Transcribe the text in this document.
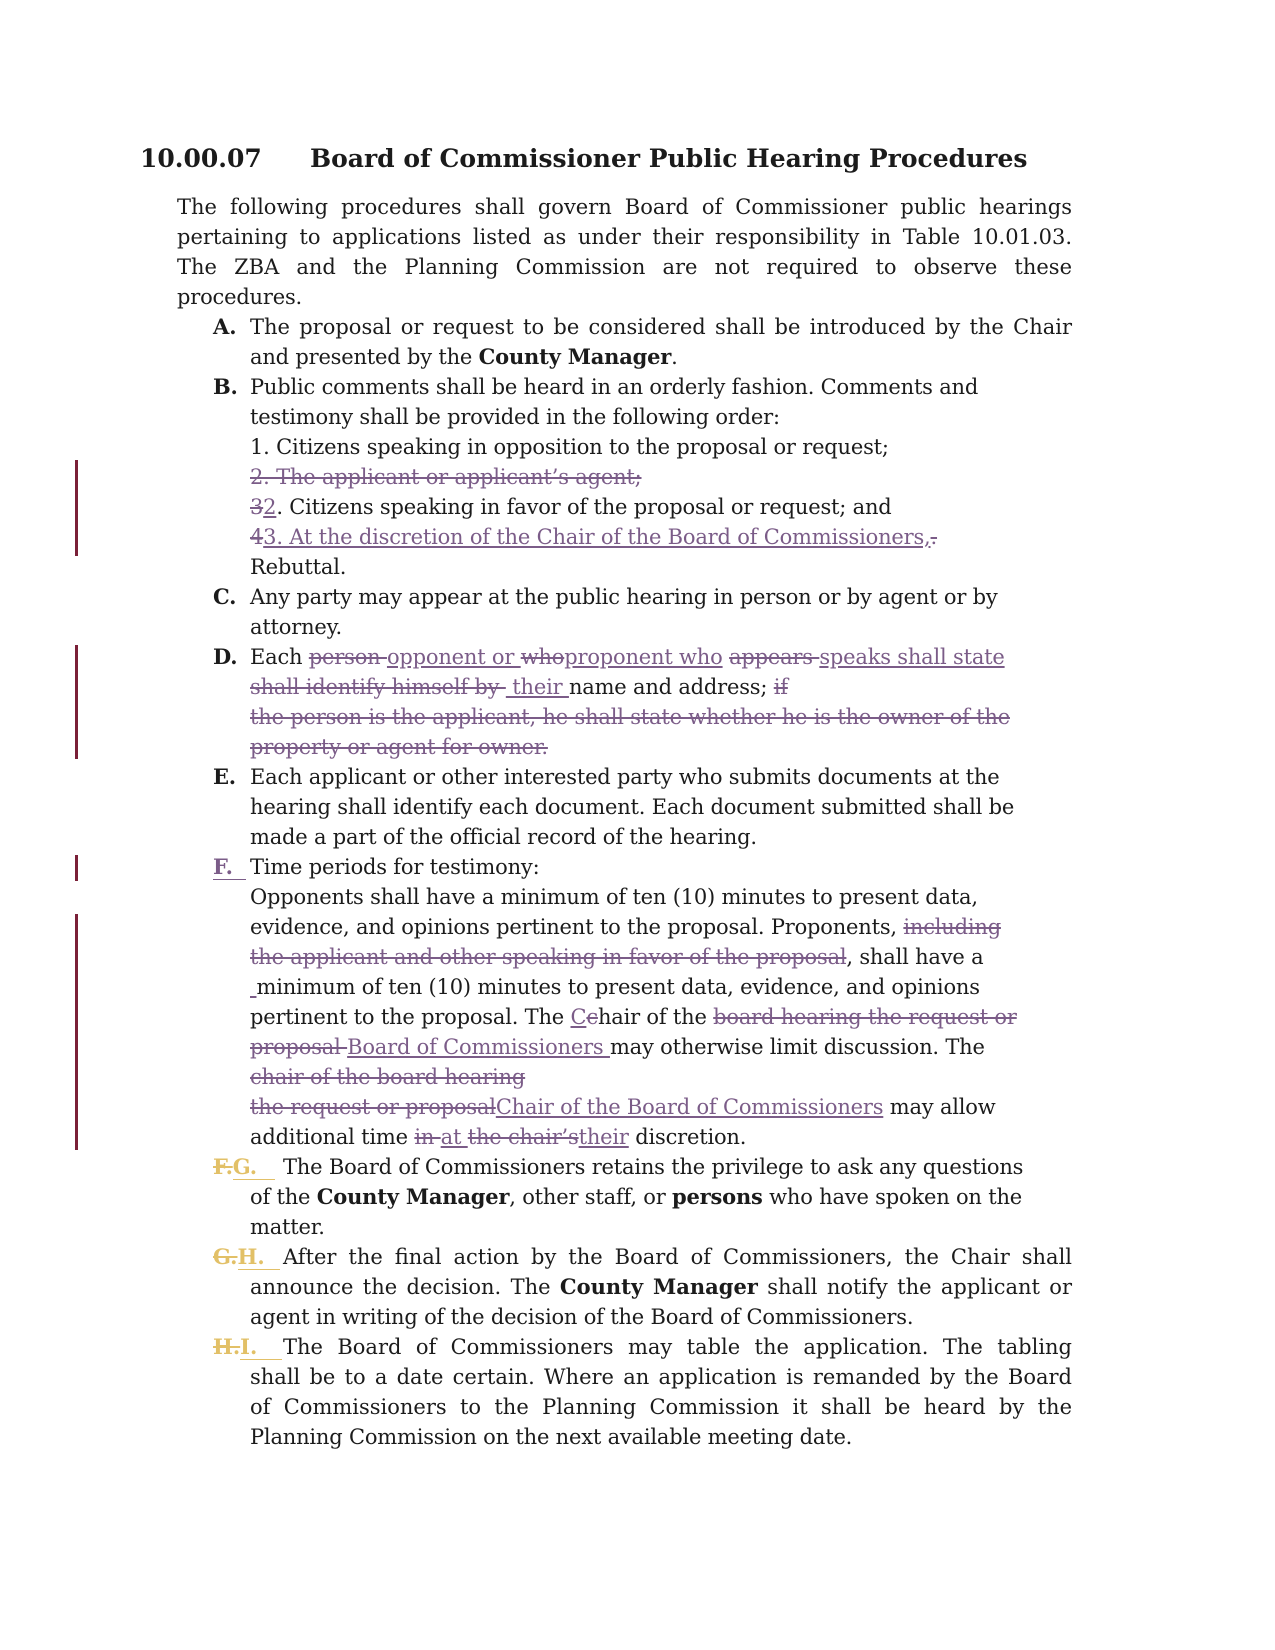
10.00.07	Board of Commissioner Public Hearing Procedures
The following procedures shall govern Board of Commissioner public hearings
pertaining to applications listed as under their responsibility in Table 10.01.03.
The ZBA and the Planning Commission are not required to observe these
procedures.
A. The proposal or request to be considered shall be introduced by the Chair
and presented by the County Manager.
B. Public comments shall be heard in an orderly fashion. Comments and
testimony shall be provided in the following order:
1. Citizens speaking in opposition to the proposal or request;
2. The applicant or applicant’s agent;
32. Citizens speaking in favor of the proposal or request; and
43. At the discretion of the Chair of the Board of Commissioners,.
Rebuttal.
C. Any party may appear at the public hearing in person or by agent or by
attorney.
D. Each person opponent or whoproponent who appears speaks shall state
shall identify himself by  their name and address; if
the person is the applicant, he shall state whether he is the owner of the
property or agent for owner.
E. Each applicant or other interested party who submits documents at the
hearing shall identify each document. Each document submitted shall be
made a part of the official record of the hearing.
F. Time periods for testimony:
Opponents shall have a minimum of ten (10) minutes to present data,
evidence, and opinions pertinent to the proposal. Proponents, including
the applicant and other speaking in favor of the proposal, shall have a
minimum of ten (10) minutes to present data, evidence, and opinions
pertinent to the proposal. The Cchair of the board hearing the request or
proposal Board of Commissioners may otherwise limit discussion. The
chair of the board hearing
the request or proposalChair of the Board of Commissioners may allow
additional time in at the chair’stheir discretion.
F.G. The Board of Commissioners retains the privilege to ask any questions
of the County Manager, other staff, or persons who have spoken on the
matter.
G.H. After the final action by the Board of Commissioners, the Chair shall
announce the decision. The County Manager shall notify the applicant or
agent in writing of the decision of the Board of Commissioners.
H.I. The Board of Commissioners may table the application. The tabling
shall be to a date certain. Where an application is remanded by the Board
of Commissioners to the Planning Commission it shall be heard by the
Planning Commission on the next available meeting date.
